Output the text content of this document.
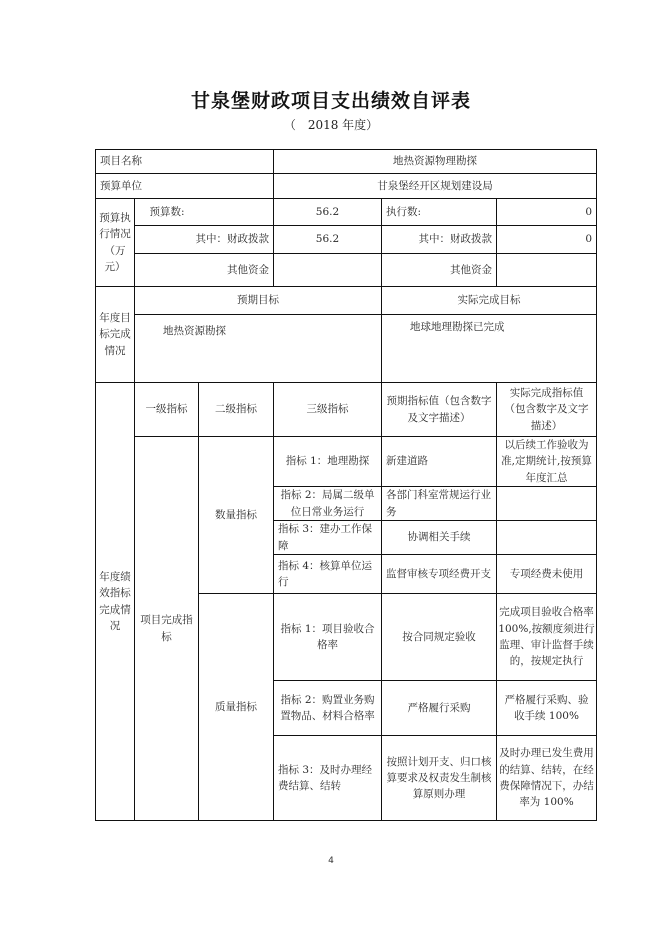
甘泉堡财政项目支出绩效自评表
（　2018 年度）
项目名称			地热资源物理勘探		
预算单位			甘泉堡经开区规划建设局		
预算执行情况（万元）	预算数:		56.2	执行数:	0
	其中：财政拨款		56.2	其中：财政拨款	0
	其他资金			其他资金	
年度目标完成情况	预期目标			实际完成目标	
	地热资源勘探			地球地理勘探已完成	
年度绩效指标完成情况	一级指标	二级指标	三级指标	预期指标值（包含数字及文字描述）	实际完成指标值（包含数字及文字描述）
	项目完成指标	数量指标	指标 1：地理勘探	新建道路	以后续工作验收为准,定期统计,按预算年度汇总
			指标 2：局属二级单位日常业务运行	各部门科室常规运行业务	
			指标 3：建办工作保障	协调相关手续	
			指标 4：核算单位运行	监督审核专项经费开支	专项经费未使用
		质量指标	指标 1：项目验收合格率	按合同规定验收	完成项目验收合格率 100%,按额度须进行监理、审计监督手续的，按规定执行
			指标 2：购置业务购置物品、材料合格率	严格履行采购	严格履行采购、验收手续 100%
			指标 3：及时办理经费结算、结转	按照计划开支、归口核算要求及权责发生制核算原则办理	及时办理已发生费用的结算、结转，在经费保障情况下，办结率为 100%
4
